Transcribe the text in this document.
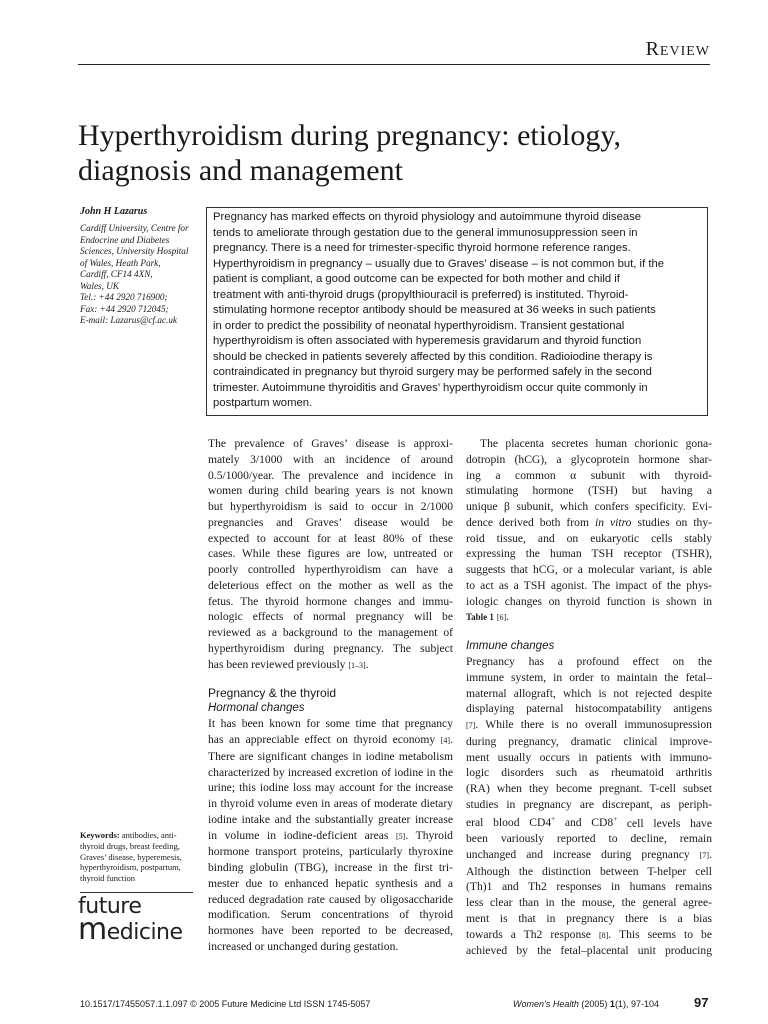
Review
Hyperthyroidism during pregnancy: etiology,
diagnosis and management
John H Lazarus
Cardiff University, Centre for
Endocrine and Diabetes
Sciences, University Hospital
of Wales, Heath Park,
Cardiff, CF14 4XN,
Wales, UK
Tel.: +44 2920 716900;
Fax: +44 2920 712045;
E-mail: Lazarus@cf.ac.uk
Pregnancy has marked effects on thyroid physiology and autoimmune thyroid disease
tends to ameliorate through gestation due to the general immunosuppression seen in
pregnancy. There is a need for trimester-specific thyroid hormone reference ranges.
Hyperthyroidism in pregnancy – usually due to Graves’ disease – is not common but, if the
patient is compliant, a good outcome can be expected for both mother and child if
treatment with anti-thyroid drugs (propylthiouracil is preferred) is instituted. Thyroid-
stimulating hormone receptor antibody should be measured at 36 weeks in such patients
in order to predict the possibility of neonatal hyperthyroidism. Transient gestational
hyperthyroidism is often associated with hyperemesis gravidarum and thyroid function
should be checked in patients severely affected by this condition. Radioiodine therapy is
contraindicated in pregnancy but thyroid surgery may be performed safely in the second
trimester. Autoimmune thyroiditis and Graves’ hyperthyroidism occur quite commonly in
postpartum women.
The prevalence of Graves’ disease is approxi-
mately 3/1000 with an incidence of around
0.5/1000/year. The prevalence and incidence in
women during child bearing years is not known
but hyperthyroidism is said to occur in 2/1000
pregnancies and Graves’ disease would be
expected to account for at least 80% of these
cases. While these figures are low, untreated or
poorly controlled hyperthyroidism can have a
deleterious effect on the mother as well as the
fetus. The thyroid hormone changes and immu-
nologic effects of normal pregnancy will be
reviewed as a background to the management of
hyperthyroidism during pregnancy. The subject
has been reviewed previously [1–3].
Pregnancy & the thyroid
Hormonal changes
It has been known for some time that pregnancy
has an appreciable effect on thyroid economy [4].
There are significant changes in iodine metabolism
characterized by increased excretion of iodine in the
urine; this iodine loss may account for the increase
in thyroid volume even in areas of moderate dietary
iodine intake and the substantially greater increase
in volume in iodine-deficient areas [5]. Thyroid
hormone transport proteins, particularly thyroxine
binding globulin (TBG), increase in the first tri-
mester due to enhanced hepatic synthesis and a
reduced degradation rate caused by oligosaccharide
modification. Serum concentrations of thyroid
hormones have been reported to be decreased,
increased or unchanged during gestation.
The placenta secretes human chorionic gona-
dotropin (hCG), a glycoprotein hormone shar-
ing a common α subunit with thyroid-
stimulating hormone (TSH) but having a
unique β subunit, which confers specificity. Evi-
dence derived both from in vitro studies on thy-
roid tissue, and on eukaryotic cells stably
expressing the human TSH receptor (TSHR),
suggests that hCG, or a molecular variant, is able
to act as a TSH agonist. The impact of the phys-
iologic changes on thyroid function is shown in
Table 1 [6].
Immune changes
Pregnancy has a profound effect on the
immune system, in order to maintain the fetal–
maternal allograft, which is not rejected despite
displaying paternal histocompatability antigens
[7]. While there is no overall immunosupression
during pregnancy, dramatic clinical improve-
ment usually occurs in patients with immuno-
logic disorders such as rheumatoid arthritis
(RA) when they become pregnant. T-cell subset
studies in pregnancy are discrepant, as periph-
eral blood CD4+ and CD8+ cell levels have
been variously reported to decline, remain
unchanged and increase during pregnancy [7].
Although the distinction between T-helper cell
(Th)1 and Th2 responses in humans remains
less clear than in the mouse, the general agree-
ment is that in pregnancy there is a bias
towards a Th2 response [8]. This seems to be
achieved by the fetal–placental unit producing
Keywords: antibodies, anti-
thyroid drugs, breast feeding,
Graves’ disease, hyperemesis,
hyperthyroidism, postpartum,
thyroid function
future
medicine
10.1517/17455057.1.1.097 © 2005 Future Medicine Ltd ISSN 1745-5057	Women’s Health (2005) 1(1), 97-104	97
